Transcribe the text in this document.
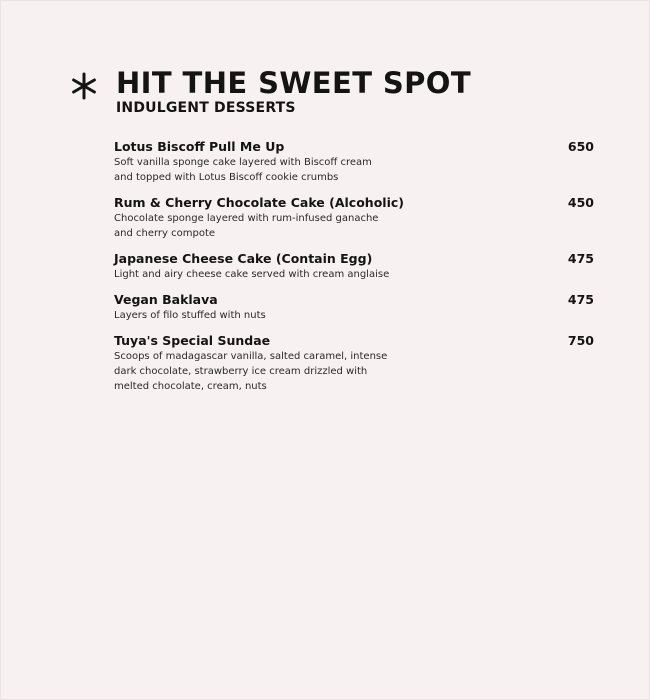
HIT THE SWEET SPOT
INDULGENT DESSERTS
Lotus Biscoff Pull Me Up	650
Soft vanilla sponge cake layered with Biscoff cream
and topped with Lotus Biscoff cookie crumbs
Rum & Cherry Chocolate Cake (Alcoholic)	450
Chocolate sponge layered with rum-infused ganache
and cherry compote
Japanese Cheese Cake (Contain Egg)	475
Light and airy cheese cake served with cream anglaise
Vegan Baklava	475
Layers of filo stuffed with nuts
Tuya's Special Sundae	750
Scoops of madagascar vanilla, salted caramel, intense
dark chocolate, strawberry ice cream drizzled with
melted chocolate, cream, nuts
